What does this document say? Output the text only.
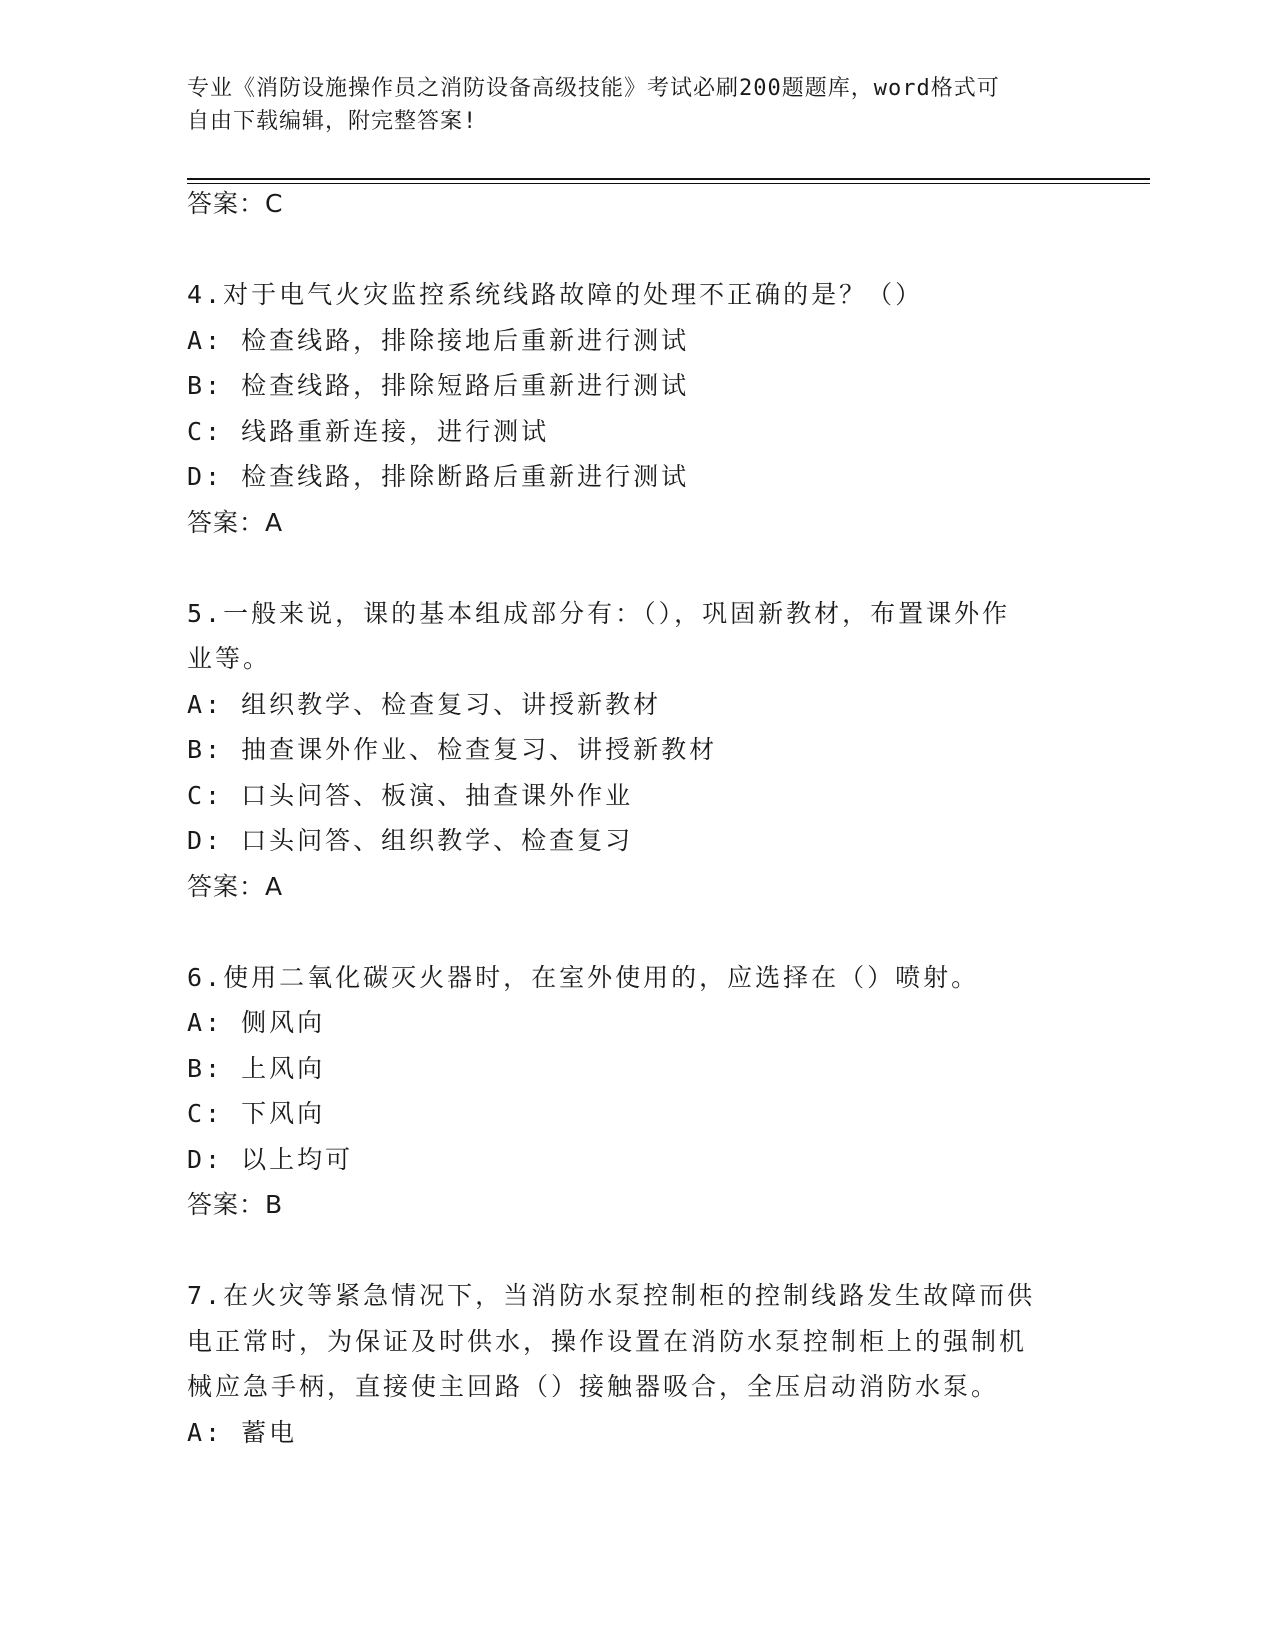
专业《消防设施操作员之消防设备高级技能》考试必刷200题题库，word格式可
自由下载编辑，附完整答案!
答案：C
4.对于电气火灾监控系统线路故障的处理不正确的是？（）
A: 检查线路，排除接地后重新进行测试
B: 检查线路，排除短路后重新进行测试
C: 线路重新连接，进行测试
D: 检查线路，排除断路后重新进行测试
答案：A
5.一般来说，课的基本组成部分有：（），巩固新教材，布置课外作
业等。
A: 组织教学、检查复习、讲授新教材
B: 抽查课外作业、检查复习、讲授新教材
C: 口头问答、板演、抽查课外作业
D: 口头问答、组织教学、检查复习
答案：A
6.使用二氧化碳灭火器时，在室外使用的，应选择在（）喷射。
A: 侧风向
B: 上风向
C: 下风向
D: 以上均可
答案：B
7.在火灾等紧急情况下，当消防水泵控制柜的控制线路发生故障而供
电正常时，为保证及时供水，操作设置在消防水泵控制柜上的强制机
械应急手柄，直接使主回路（）接触器吸合，全压启动消防水泵。
A: 蓄电
